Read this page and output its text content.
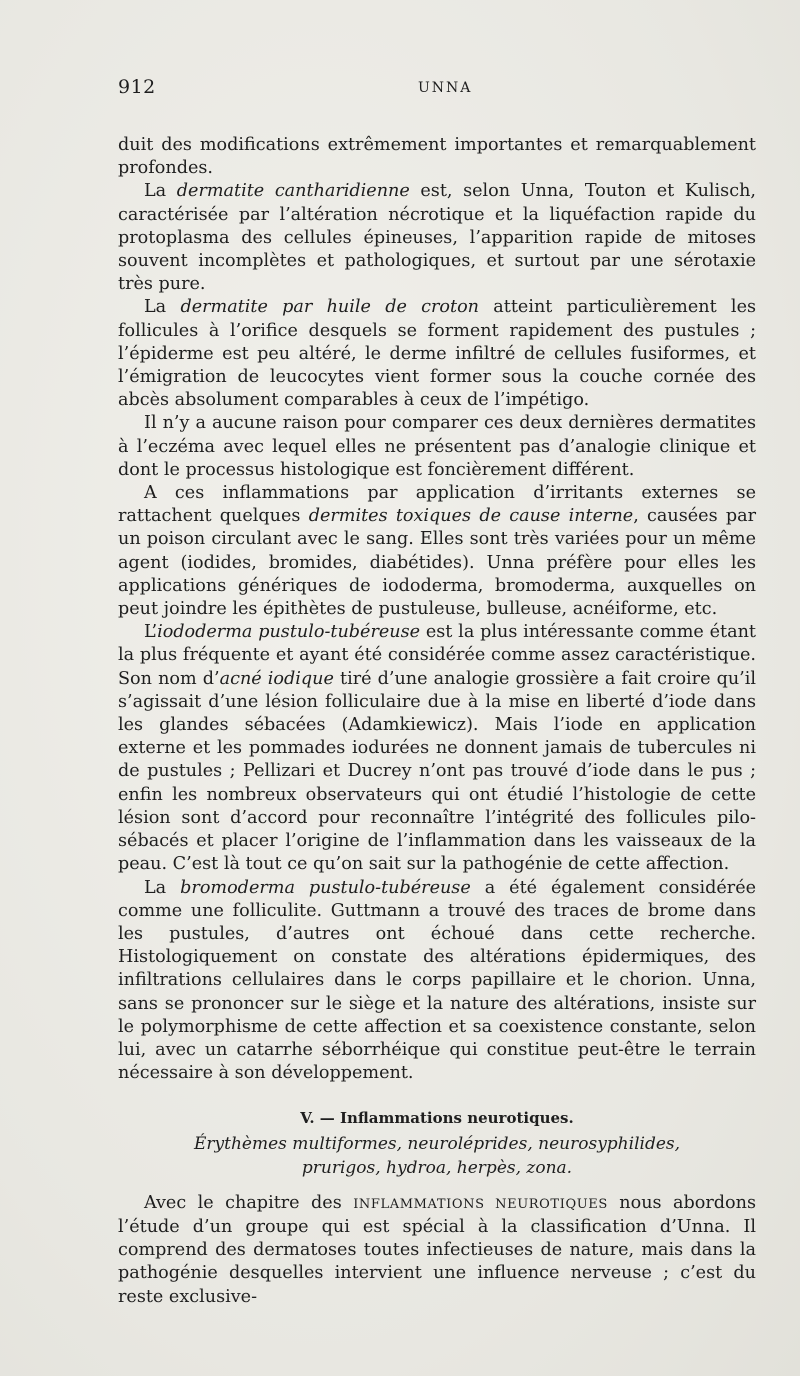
912	UNNA

duit des modifications extrêmement importantes et remarquablement profondes.

La dermatite cantharidienne est, selon Unna, Touton et Kulisch, caractérisée par l’altération nécrotique et la liquéfaction rapide du protoplasma des cellules épineuses, l’apparition rapide de mitoses souvent incomplètes et pathologiques, et surtout par une sérotaxie très pure.

La dermatite par huile de croton atteint particulièrement les follicules à l’orifice desquels se forment rapidement des pustules ; l’épiderme est peu altéré, le derme infiltré de cellules fusiformes, et l’émigration de leucocytes vient former sous la couche cornée des abcès absolument comparables à ceux de l’impétigo.

Il n’y a aucune raison pour comparer ces deux dernières dermatites à l’eczéma avec lequel elles ne présentent pas d’analogie clinique et dont le processus histologique est foncièrement différent.

A ces inflammations par application d’irritants externes se rattachent quelques dermites toxiques de cause interne, causées par un poison circulant avec le sang. Elles sont très variées pour un même agent (iodides, bromides, diabétides). Unna préfère pour elles les applications génériques de iododerma, bromoderma, auxquelles on peut joindre les épithètes de pustuleuse, bulleuse, acnéiforme, etc.

L’iododerma pustulo-tubéreuse est la plus intéressante comme étant la plus fréquente et ayant été considérée comme assez caractéristique. Son nom d’acné iodique tiré d’une analogie grossière a fait croire qu’il s’agissait d’une lésion folliculaire due à la mise en liberté d’iode dans les glandes sébacées (Adamkiewicz). Mais l’iode en application externe et les pommades iodurées ne donnent jamais de tubercules ni de pustules ; Pellizari et Ducrey n’ont pas trouvé d’iode dans le pus ; enfin les nombreux observateurs qui ont étudié l’histologie de cette lésion sont d’accord pour reconnaître l’intégrité des follicules pilo-sébacés et placer l’origine de l’inflammation dans les vaisseaux de la peau. C’est là tout ce qu’on sait sur la pathogénie de cette affection.

La bromoderma pustulo-tubéreuse a été également considérée comme une folliculite. Guttmann a trouvé des traces de brome dans les pustules, d’autres ont échoué dans cette recherche. Histologiquement on constate des altérations épidermiques, des infiltrations cellulaires dans le corps papillaire et le chorion. Unna, sans se prononcer sur le siège et la nature des altérations, insiste sur le polymorphisme de cette affection et sa coexistence constante, selon lui, avec un catarrhe séborrhéique qui constitue peut-être le terrain nécessaire à son développement.

V. — Inflammations neurotiques.
Érythèmes multiformes, neuroléprides, neurosyphilides, prurigos, hydroa, herpès, zona.

Avec le chapitre des INFLAMMATIONS NEUROTIQUES nous abordons l’étude d’un groupe qui est spécial à la classification d’Unna. Il comprend des dermatoses toutes infectieuses de nature, mais dans la pathogénie desquelles intervient une influence nerveuse ; c’est du reste exclusive-
